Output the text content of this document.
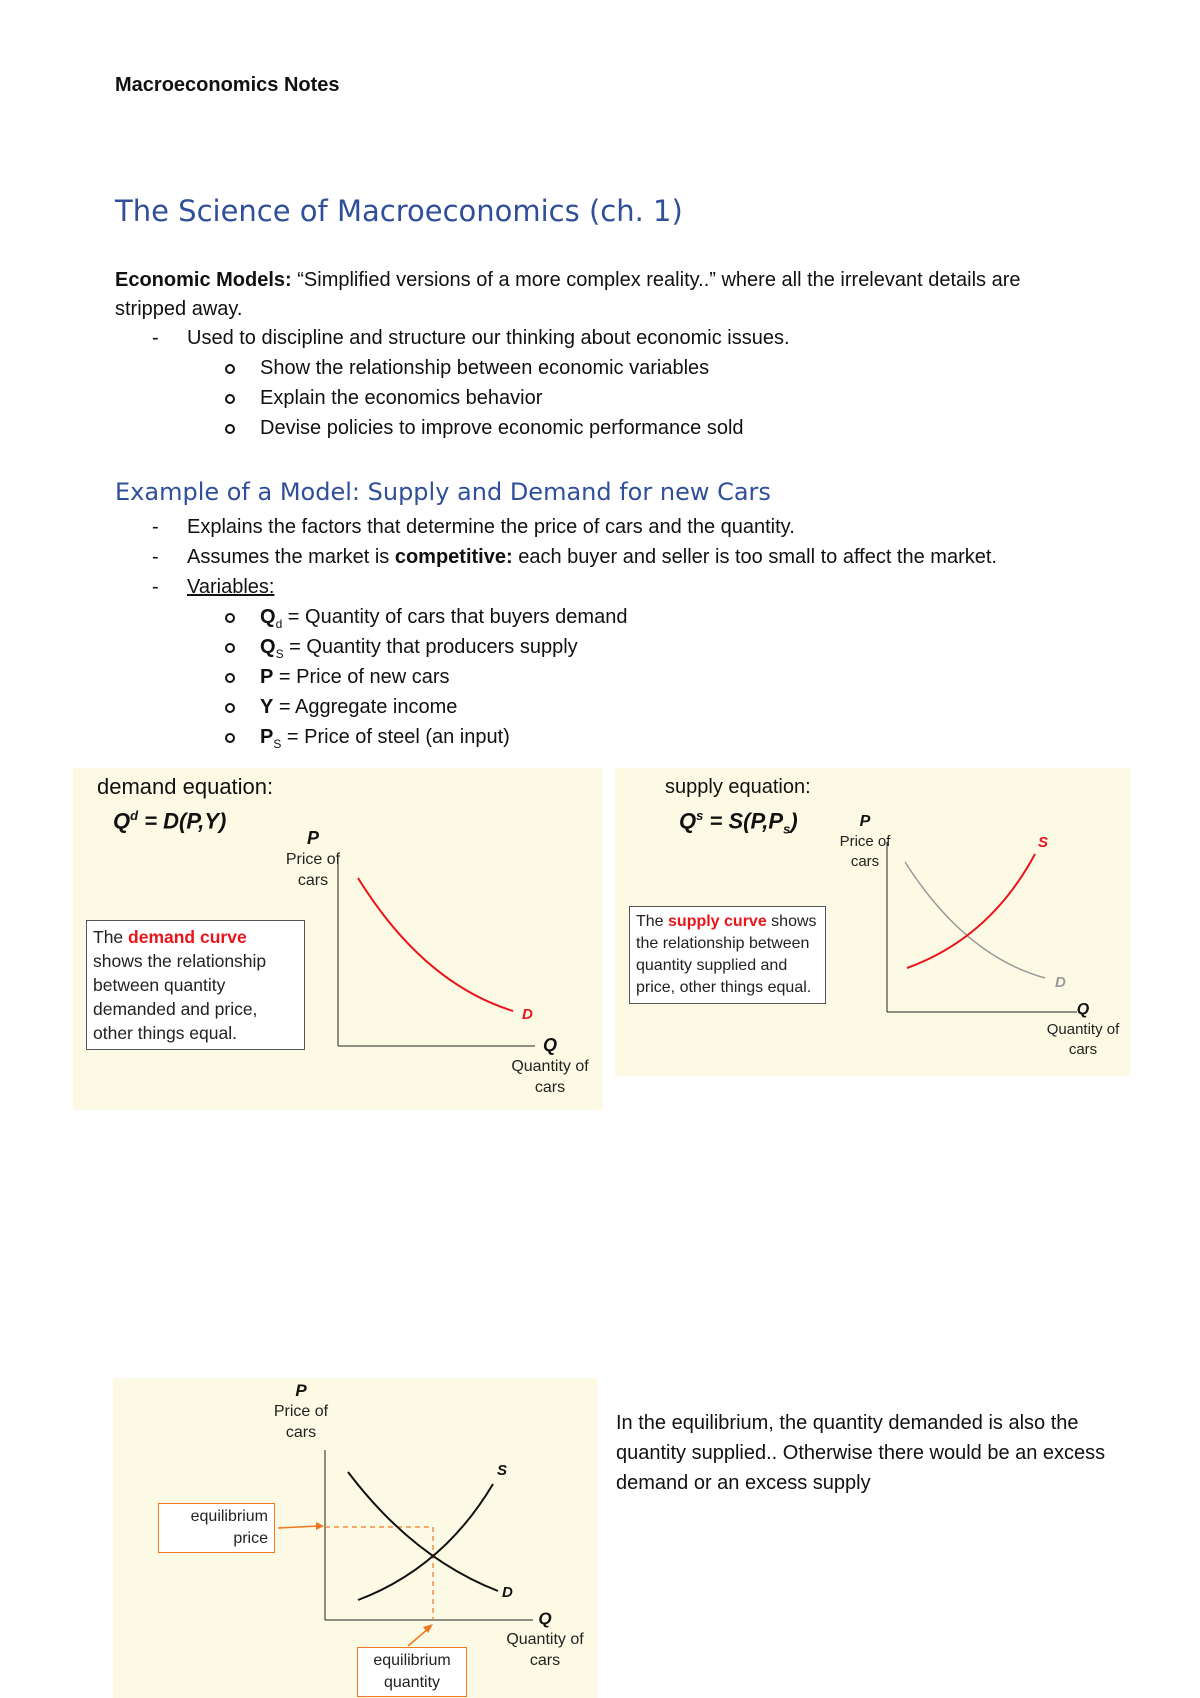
Macroeconomics Notes
The Science of Macroeconomics (ch. 1)
Economic Models: “Simplified versions of a more complex reality..” where all the irrelevant details are stripped away.
- Used to discipline and structure our thinking about economic issues.
Show the relationship between economic variables
Explain the economics behavior
Devise policies to improve economic performance sold
Example of a Model: Supply and Demand for new Cars
- Explains the factors that determine the price of cars and the quantity.
- Assumes the market is competitive: each buyer and seller is too small to affect the market.
- Variables:
$Q_d$ = Quantity of cars that buyers demand
$Q_S$ = Quantity that producers supply
P = Price of new cars
Y = Aggregate income
$P_S$ = Price of steel (an input)
demand equation:
$Q^d = D(P,Y)$
P
Price of cars
Q
Quantity of cars
D
The demand curve shows the relationship between quantity demanded and price, other things equal.
supply equation:
$Q^s = S(P,P_s)$	P
Price of cars
Q
Quantity of cars
S
D
The supply curve shows the relationship between quantity supplied and price, other things equal.
P
Price of cars
Q
Quantity of cars
S
D
equilibrium price
equilibrium quantity
In the equilibrium, the quantity demanded is also the quantity supplied.. Otherwise there would be an excess demand or an excess supply
